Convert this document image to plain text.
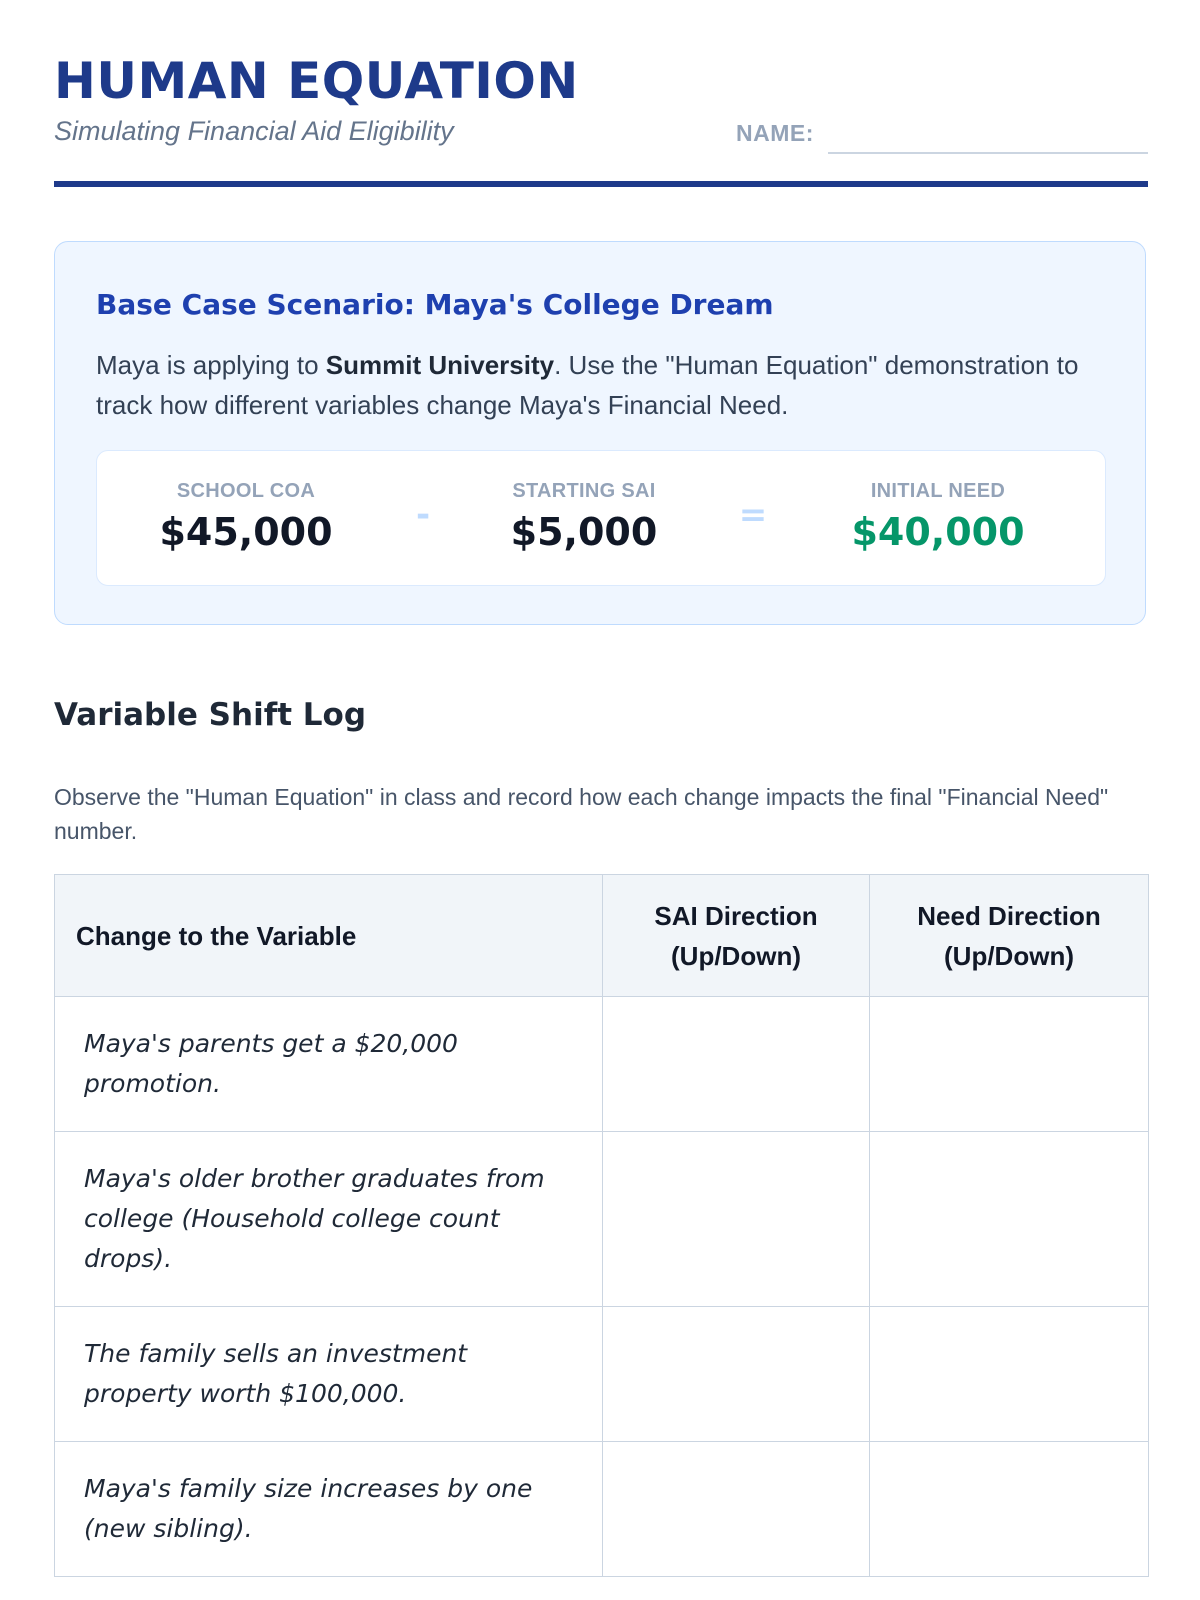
HUMAN EQUATION
Simulating Financial Aid Eligibility	NAME:
Base Case Scenario: Maya's College Dream

Maya is applying to Summit University. Use the "Human Equation" demonstration to track how different variables change Maya's Financial Need.

SCHOOL COA
$45,000	-
STARTING SAI
$5,000	=
INITIAL NEED
$40,000
Variable Shift Log

Observe the "Human Equation" in class and record how each change impacts the final "Financial Need" number.

Change to the Variable	SAI Direction (Up/Down)	Need Direction (Up/Down)
Maya's parents get a $20,000 promotion.		
Maya's older brother graduates from college (Household college count drops).		
The family sells an investment property worth $100,000.		
Maya's family size increases by one (new sibling).		
